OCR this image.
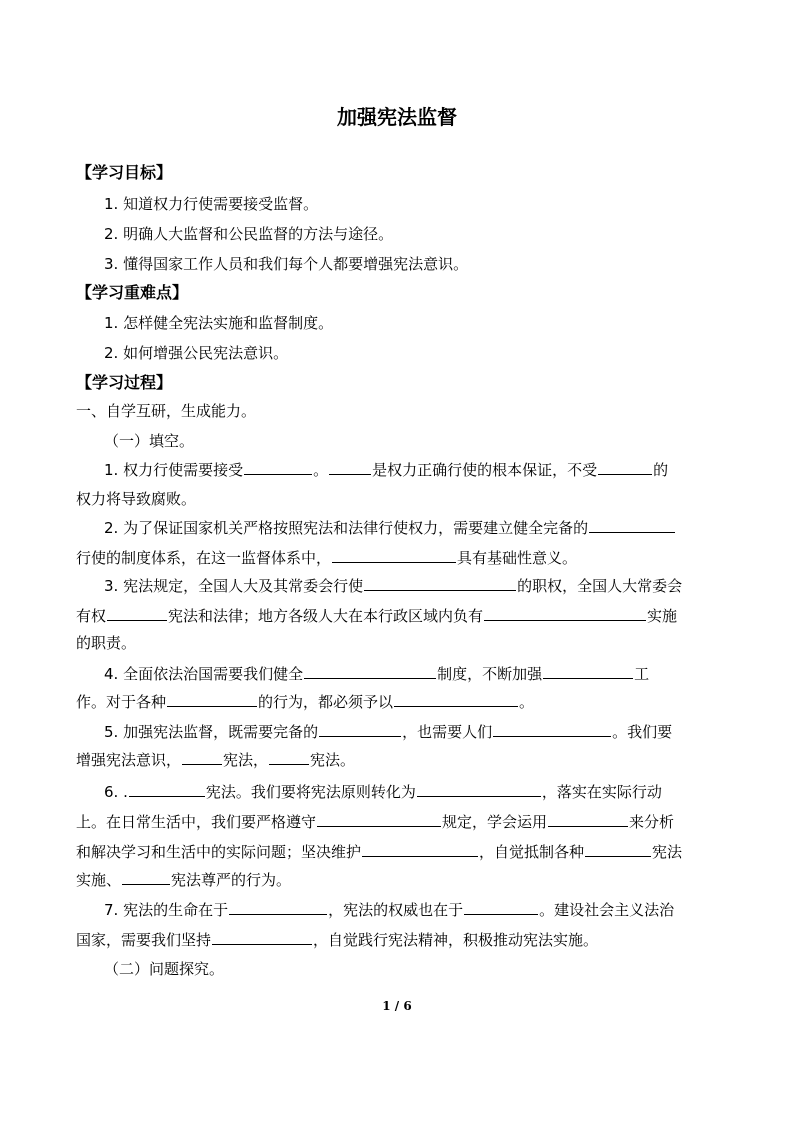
加强宪法监督
【学习目标】
1. 知道权力行使需要接受监督。
2. 明确人大监督和公民监督的方法与途径。
3. 懂得国家工作人员和我们每个人都要增强宪法意识。
【学习重难点】
1. 怎样健全宪法实施和监督制度。
2. 如何增强公民宪法意识。
【学习过程】
一、自学互研，生成能力。
（一）填空。
1. 权力行使需要接受	。	是权力正确行使的根本保证，不受	的
权力将导致腐败。
2. 为了保证国家机关严格按照宪法和法律行使权力，需要建立健全完备的
行使的制度体系，在这一监督体系中，	具有基础性意义。
3. 宪法规定，全国人大及其常委会行使	的职权，全国人大常委会
有权	宪法和法律；地方各级人大在本行政区域内负有	实施
的职责。
4. 全面依法治国需要我们健全	制度，不断加强	工
作。对于各种	的行为，都必须予以	。
5. 加强宪法监督，既需要完备的	，也需要人们	。我们要
增强宪法意识，	宪法，	宪法。
6. .	宪法。我们要将宪法原则转化为	，落实在实际行动
上。在日常生活中，我们要严格遵守	规定，学会运用	来分析
和解决学习和生活中的实际问题；坚决维护	，自觉抵制各种	宪法
实施、	宪法尊严的行为。
7. 宪法的生命在于	，宪法的权威也在于	。建设社会主义法治
国家，需要我们坚持	，自觉践行宪法精神，积极推动宪法实施。
（二）问题探究。
1 / 6
